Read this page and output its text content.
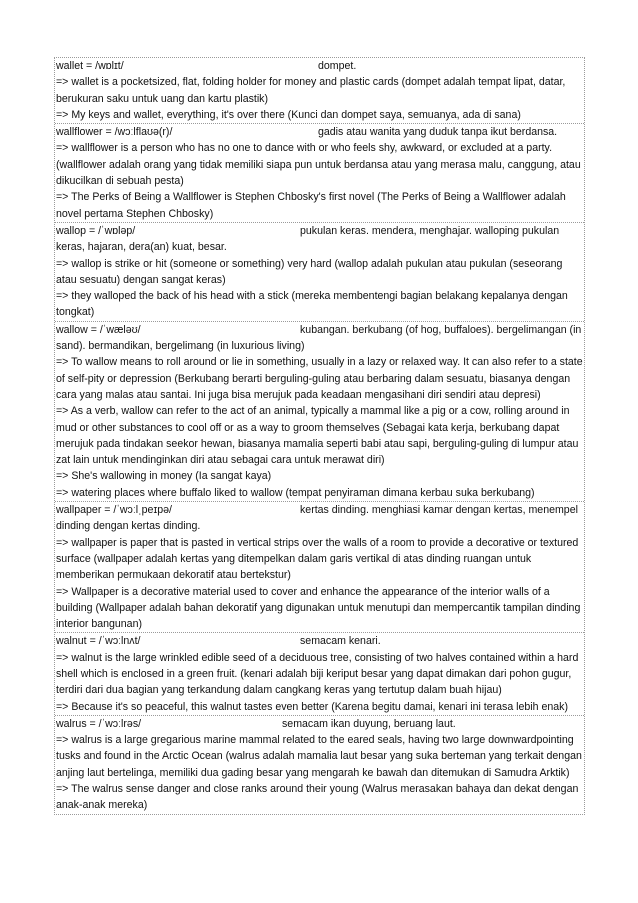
wallet = /wɒlɪt/	dompet.

=> wallet is a pocketsized, flat, folding holder for money and plastic cards (dompet adalah tempat lipat, datar, berukuran saku untuk uang dan kartu plastik)

=> My keys and wallet, everything, it's over there (Kunci dan dompet saya, semuanya, ada di sana)

wallflower = /wɔːlflaʊə(r)/	gadis atau wanita yang duduk tanpa ikut berdansa.

=> wallflower is a person who has no one to dance with or who feels shy, awkward, or excluded at a party. (wallflower adalah orang yang tidak memiliki siapa pun untuk berdansa atau yang merasa malu, canggung, atau dikucilkan di sebuah pesta)

=> The Perks of Being a Wallflower is Stephen Chbosky's first novel (The Perks of Being a Wallflower adalah novel pertama Stephen Chbosky)

wallop = /ˈwɒləp/	pukulan keras. mendera, menghajar. walloping pukulan keras, hajaran, dera(an) kuat, besar.

=> wallop is strike or hit (someone or something) very hard (wallop adalah pukulan atau pukulan (seseorang atau sesuatu) dengan sangat keras)

=> they walloped the back of his head with a stick (mereka membentengi bagian belakang kepalanya dengan tongkat)

wallow = /ˈwæləʊ/	kubangan. berkubang (of hog, buffaloes). bergelimangan (in sand). bermandikan, bergelimang (in luxurious living)

=> To wallow means to roll around or lie in something, usually in a lazy or relaxed way. It can also refer to a state of self-pity or depression (Berkubang berarti berguling-guling atau berbaring dalam sesuatu, biasanya dengan cara yang malas atau santai. Ini juga bisa merujuk pada keadaan mengasihani diri sendiri atau depresi)

=> As a verb, wallow can refer to the act of an animal, typically a mammal like a pig or a cow, rolling around in mud or other substances to cool off or as a way to groom themselves (Sebagai kata kerja, berkubang dapat merujuk pada tindakan seekor hewan, biasanya mamalia seperti babi atau sapi, berguling-guling di lumpur atau zat lain untuk mendinginkan diri atau sebagai cara untuk merawat diri)

=> She's wallowing in money (Ia sangat kaya)

=> watering places where buffalo liked to wallow (tempat penyiraman dimana kerbau suka berkubang)

wallpaper = /ˈwɔːlˌpeɪpə/	kertas dinding. menghiasi kamar dengan kertas, menempel dinding dengan kertas dinding.

=> wallpaper is paper that is pasted in vertical strips over the walls of a room to provide a decorative or textured surface (wallpaper adalah kertas yang ditempelkan dalam garis vertikal di atas dinding ruangan untuk memberikan permukaan dekoratif atau bertekstur)

=> Wallpaper is a decorative material used to cover and enhance the appearance of the interior walls of a building (Wallpaper adalah bahan dekoratif yang digunakan untuk menutupi dan mempercantik tampilan dinding interior bangunan)

walnut = /ˈwɔːlnʌt/	semacam kenari.

=> walnut is the large wrinkled edible seed of a deciduous tree, consisting of two halves contained within a hard shell which is enclosed in a green fruit. (kenari adalah biji keriput besar yang dapat dimakan dari pohon gugur, terdiri dari dua bagian yang terkandung dalam cangkang keras yang tertutup dalam buah hijau)

=> Because it's so peaceful, this walnut tastes even better (Karena begitu damai, kenari ini terasa lebih enak)

walrus = /ˈwɔːlrəs/	semacam ikan duyung, beruang laut.

=> walrus is a large gregarious marine mammal related to the eared seals, having two large downwardpointing tusks and found in the Arctic Ocean (walrus adalah mamalia laut besar yang suka berteman yang terkait dengan anjing laut bertelinga, memiliki dua gading besar yang mengarah ke bawah dan ditemukan di Samudra Arktik)

=> The walrus sense danger and close ranks around their young (Walrus merasakan bahaya dan dekat dengan anak-anak mereka)
